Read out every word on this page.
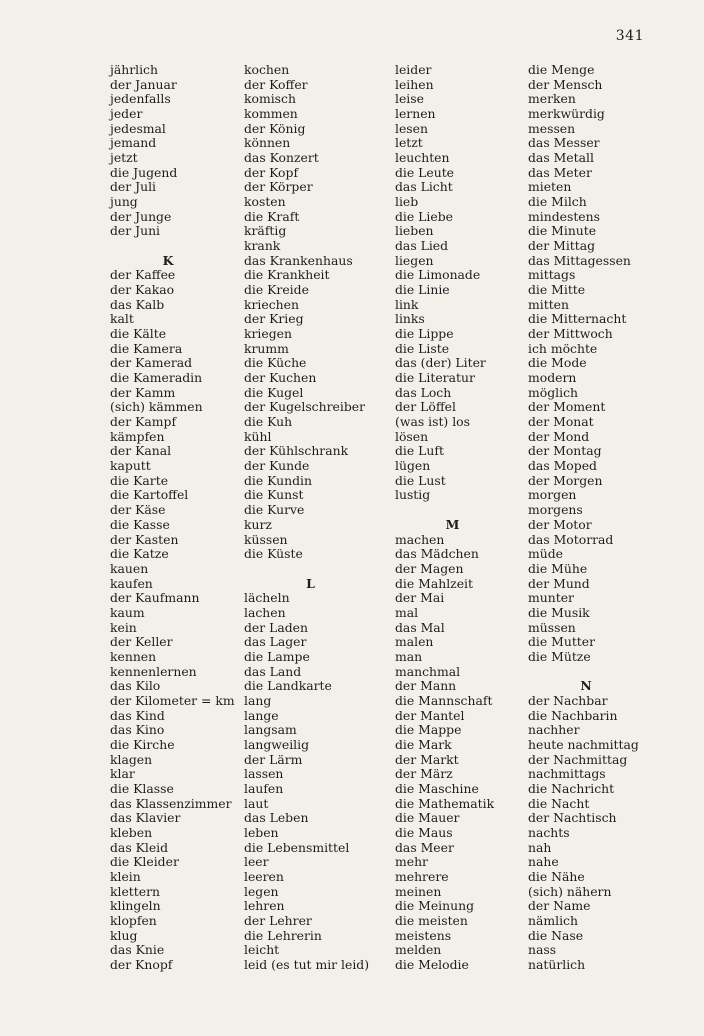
341
jährlich
der Januar
jedenfalls
jeder
jedesmal
jemand
jetzt
die Jugend
der Juli
jung
der Junge
der Juni
K
der Kaffee
der Kakao
das Kalb
kalt
die Kälte
die Kamera
der Kamerad
die Kameradin
der Kamm
(sich) kämmen
der Kampf
kämpfen
der Kanal
kaputt
die Karte
die Kartoffel
der Käse
die Kasse
der Kasten
die Katze
kauen
kaufen
der Kaufmann
kaum
kein
der Keller
kennen
kennenlernen
das Kilo
der Kilometer = km
das Kind
das Kino
die Kirche
klagen
klar
die Klasse
das Klassenzimmer
das Klavier
kleben
das Kleid
die Kleider
klein
klettern
klingeln
klopfen
klug
das Knie
der Knopf
kochen
der Koffer
komisch
kommen
der König
können
das Konzert
der Kopf
der Körper
kosten
die Kraft
kräftig
krank
das Krankenhaus
die Krankheit
die Kreide
kriechen
der Krieg
kriegen
krumm
die Küche
der Kuchen
die Kugel
der Kugelschreiber
die Kuh
kühl
der Kühlschrank
der Kunde
die Kundin
die Kunst
die Kurve
kurz
küssen
die Küste
L
lächeln
lachen
der Laden
das Lager
die Lampe
das Land
die Landkarte
lang
lange
langsam
langweilig
der Lärm
lassen
laufen
laut
das Leben
leben
die Lebensmittel
leer
leeren
legen
lehren
der Lehrer
die Lehrerin
leicht
leid (es tut mir leid)
leider
leihen
leise
lernen
lesen
letzt
leuchten
die Leute
das Licht
lieb
die Liebe
lieben
das Lied
liegen
die Limonade
die Linie
link
links
die Lippe
die Liste
das (der) Liter
die Literatur
das Loch
der Löffel
(was ist) los
lösen
die Luft
lügen
die Lust
lustig
M
machen
das Mädchen
der Magen
die Mahlzeit
der Mai
mal
das Mal
malen
man
manchmal
der Mann
die Mannschaft
der Mantel
die Mappe
die Mark
der Markt
der März
die Maschine
die Mathematik
die Mauer
die Maus
das Meer
mehr
mehrere
meinen
die Meinung
die meisten
meistens
melden
die Melodie
die Menge
der Mensch
merken
merkwürdig
messen
das Messer
das Metall
das Meter
mieten
die Milch
mindestens
die Minute
der Mittag
das Mittagessen
mittags
die Mitte
mitten
die Mitternacht
der Mittwoch
ich möchte
die Mode
modern
möglich
der Moment
der Monat
der Mond
der Montag
das Moped
der Morgen
morgen
morgens
der Motor
das Motorrad
müde
die Mühe
der Mund
munter
die Musik
müssen
die Mutter
die Mütze
N
der Nachbar
die Nachbarin
nachher
heute nachmittag
der Nachmittag
nachmittags
die Nachricht
die Nacht
der Nachtisch
nachts
nah
nahe
die Nähe
(sich) nähern
der Name
nämlich
die Nase
nass
natürlich
